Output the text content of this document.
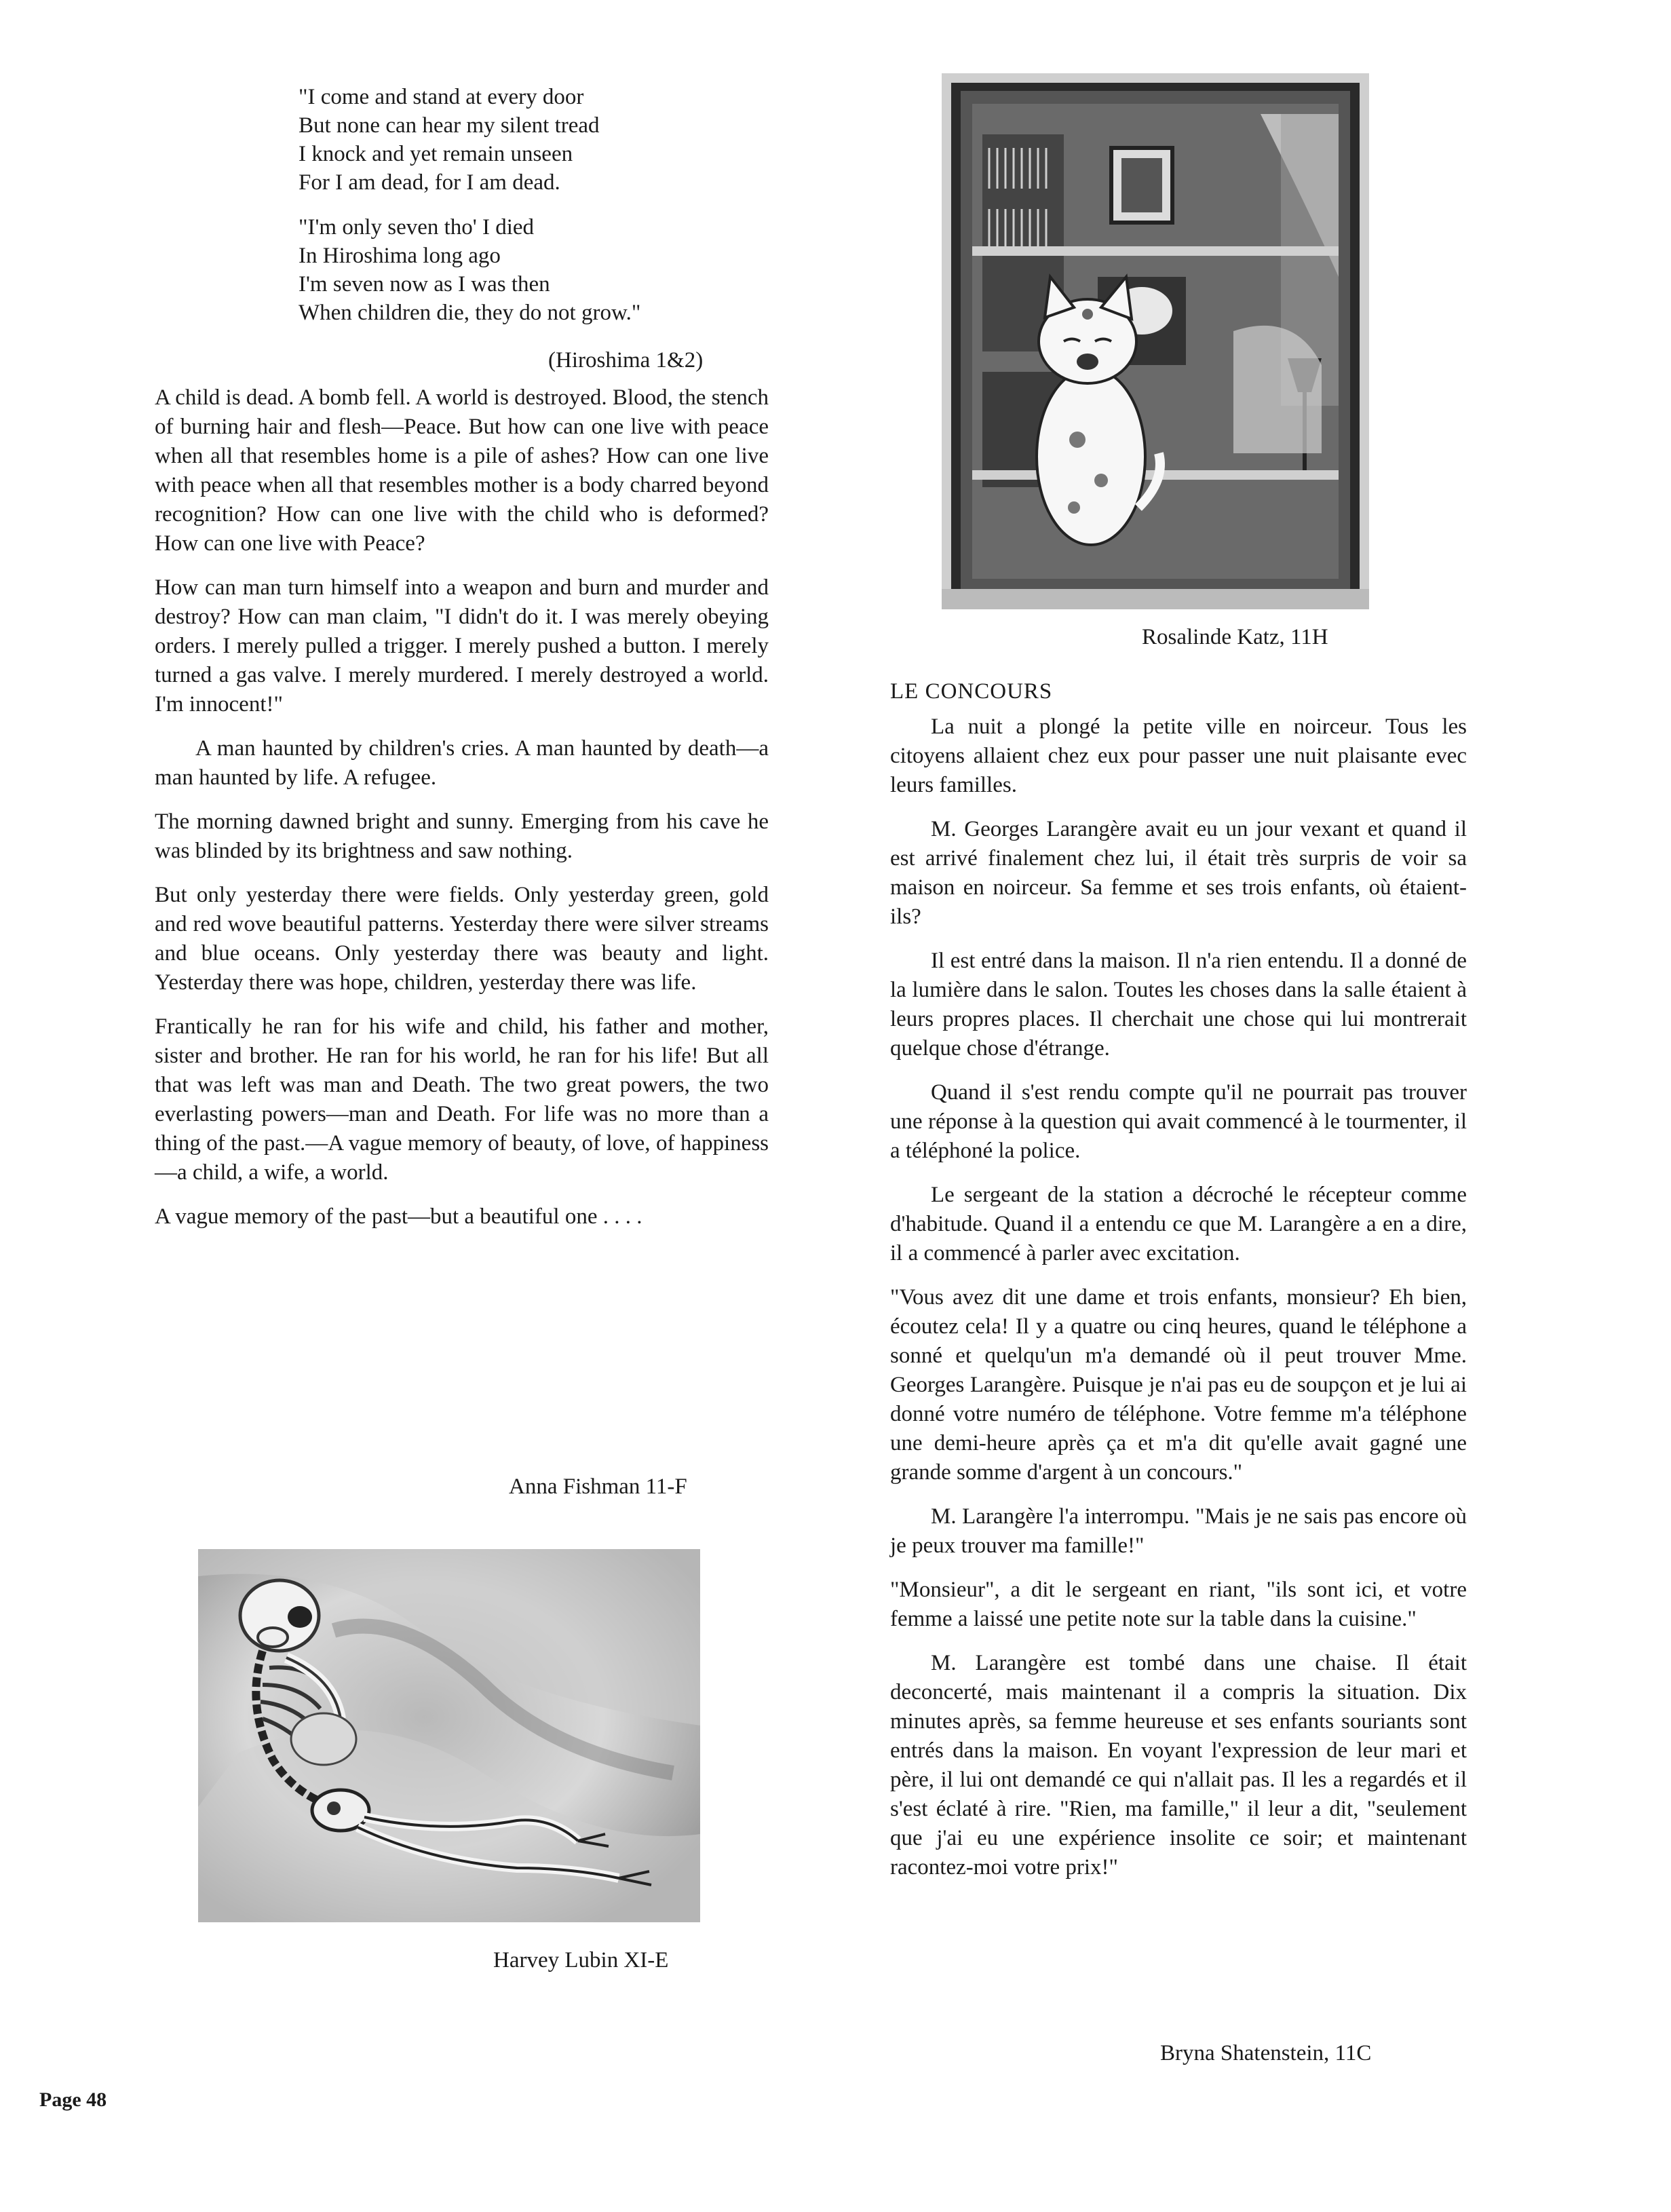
"I come and stand at every door
But none can hear my silent tread
I knock and yet remain unseen
For I am dead, for I am dead.
"I'm only seven tho' I died
In Hiroshima long ago
I'm seven now as I was then
When children die, they do not grow."
(Hiroshima 1&2)

A child is dead. A bomb fell. A world is destroyed. Blood, the stench of burning hair and flesh—Peace. But how can one live with peace when all that resembles home is a pile of ashes? How can one live with peace when all that resembles mother is a body charred beyond recognition? How can one live with the child who is deformed? How can one live with Peace?

How can man turn himself into a weapon and burn and murder and destroy? How can man claim, "I didn't do it. I was merely obeying orders. I merely pulled a trigger. I merely pushed a button. I merely turned a gas valve. I merely murdered. I merely destroyed a world. I'm innocent!"

A man haunted by children's cries. A man haunted by death—a man haunted by life. A refugee.

The morning dawned bright and sunny. Emerging from his cave he was blinded by its brightness and saw nothing.

But only yesterday there were fields. Only yesterday green, gold and red wove beautiful patterns. Yesterday there were silver streams and blue oceans. Only yesterday there was beauty and light. Yesterday there was hope, children, yesterday there was life.

Frantically he ran for his wife and child, his father and mother, sister and brother. He ran for his world, he ran for his life! But all that was left was man and Death. The two great powers, the two everlasting powers—man and Death. For life was no more than a thing of the past.—A vague memory of beauty, of love, of happiness—a child, a wife, a world.

A vague memory of the past—but a beautiful one . . . .

Anna Fishman 11-F
Harvey Lubin XI-E
Rosalinde Katz, 11H
LE CONCOURS

La nuit a plongé la petite ville en noirceur. Tous les citoyens allaient chez eux pour passer une nuit plaisante evec leurs familles.

M. Georges Larangère avait eu un jour vexant et quand il est arrivé finalement chez lui, il était très surpris de voir sa maison en noirceur. Sa femme et ses trois enfants, où étaient-ils?

Il est entré dans la maison. Il n'a rien entendu. Il a donné de la lumière dans le salon. Toutes les choses dans la salle étaient à leurs propres places. Il cherchait une chose qui lui montrerait quelque chose d'étrange.

Quand il s'est rendu compte qu'il ne pourrait pas trouver une réponse à la question qui avait commencé à le tourmenter, il a téléphoné la police.

Le sergeant de la station a décroché le récepteur comme d'habitude. Quand il a entendu ce que M. Larangère a en a dire, il a commencé à parler avec excitation.

"Vous avez dit une dame et trois enfants, monsieur? Eh bien, écoutez cela! Il y a quatre ou cinq heures, quand le téléphone a sonné et quelqu'un m'a demandé où il peut trouver Mme. Georges Larangère. Puisque je n'ai pas eu de soupçon et je lui ai donné votre numéro de téléphone. Votre femme m'a téléphone une demi-heure après ça et m'a dit qu'elle avait gagné une grande somme d'argent à un concours."

M. Larangère l'a interrompu. "Mais je ne sais pas encore où je peux trouver ma famille!"

"Monsieur", a dit le sergeant en riant, "ils sont ici, et votre femme a laissé une petite note sur la table dans la cuisine."

M. Larangère est tombé dans une chaise. Il était deconcerté, mais maintenant il a compris la situation. Dix minutes après, sa femme heureuse et ses enfants souriants sont entrés dans la maison. En voyant l'expression de leur mari et père, il lui ont demandé ce qui n'allait pas. Il les a regardés et il s'est éclaté à rire. "Rien, ma famille," il leur a dit, "seulement que j'ai eu une expérience insolite ce soir; et maintenant racontez-moi votre prix!"

Bryna Shatenstein, 11C
Page 48
